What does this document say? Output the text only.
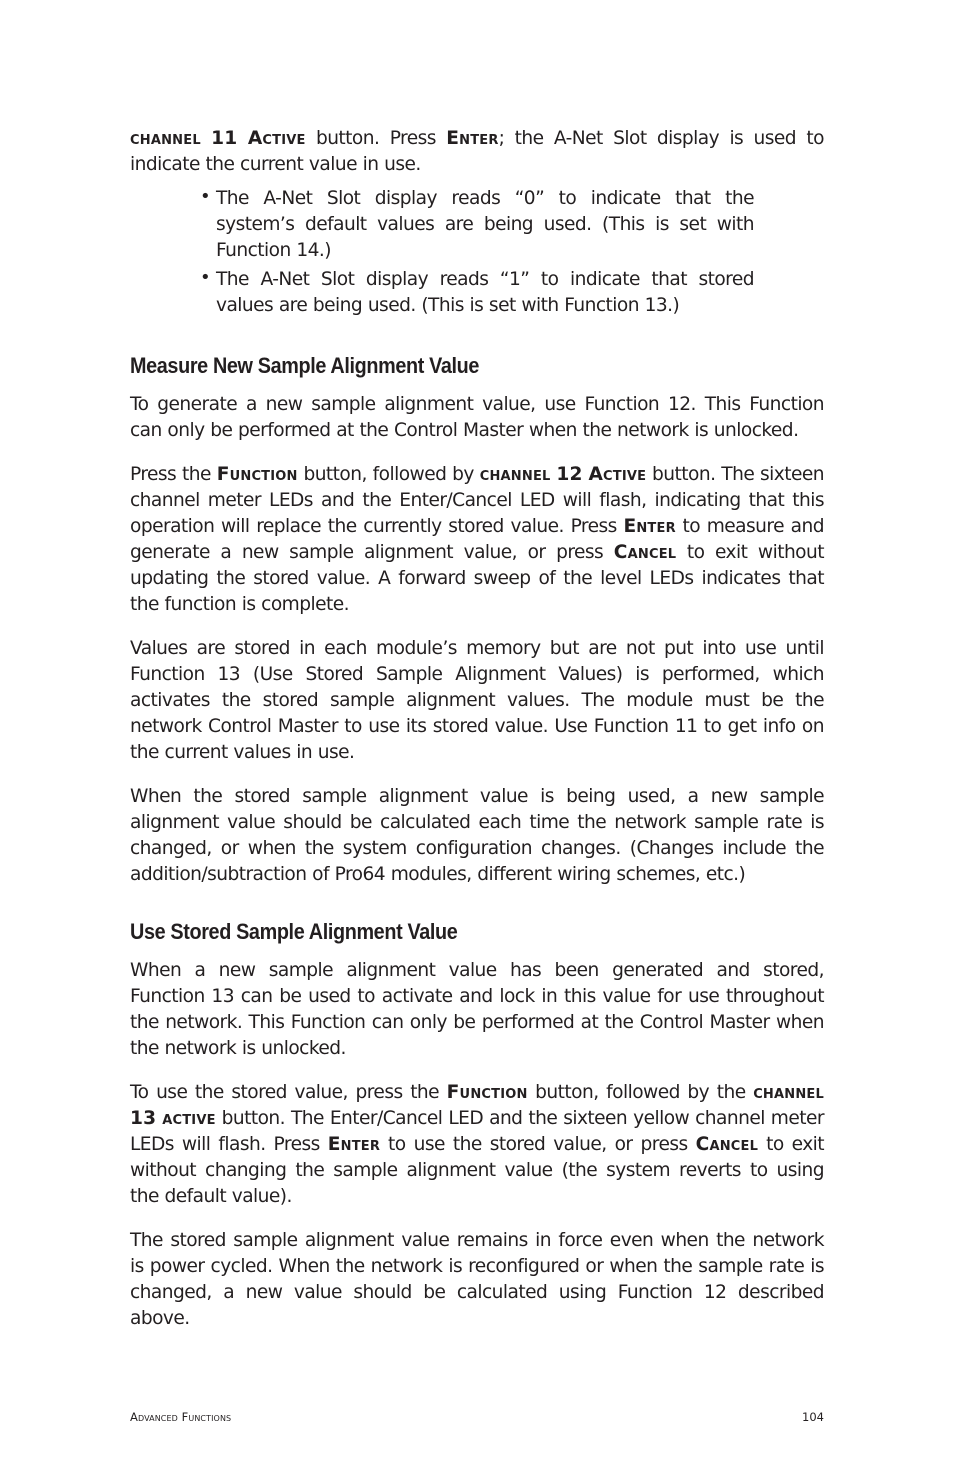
channel 11 Active button. Press Enter; the A-Net Slot display is used to indicate the current value in use.

• The A-Net Slot display reads “0” to indicate that the system’s default values are being used. (This is set with Function 14.)

• The A-Net Slot display reads “1” to indicate that stored values are being used. (This is set with Function 13.)

Measure New Sample Alignment Value

To generate a new sample alignment value, use Function 12. This Function can only be performed at the Control Master when the network is unlocked.

Press the Function button, followed by channel 12 Active button. The sixteen channel meter LEDs and the Enter/Cancel LED will flash, indicating that this operation will replace the currently stored value. Press Enter to measure and generate a new sample alignment value, or press Cancel to exit without updating the stored value. A forward sweep of the level LEDs indicates that the function is complete.

Values are stored in each module’s memory but are not put into use until Function 13 (Use Stored Sample Alignment Values) is performed, which activates the stored sample alignment values. The module must be the network Control Master to use its stored value. Use Function 11 to get info on the current values in use.

When the stored sample alignment value is being used, a new sample alignment value should be calculated each time the network sample rate is changed, or when the system configuration changes. (Changes include the addition/subtraction of Pro64 modules, different wiring schemes, etc.)

Use Stored Sample Alignment Value

When a new sample alignment value has been generated and stored, Function 13 can be used to activate and lock in this value for use throughout the network. This Function can only be performed at the Control Master when the network is unlocked.

To use the stored value, press the Function button, followed by the channel 13 active button. The Enter/Cancel LED and the sixteen yellow channel meter LEDs will flash. Press Enter to use the stored value, or press Cancel to exit without changing the sample alignment value (the system reverts to using the default value).

The stored sample alignment value remains in force even when the network is power cycled. When the network is reconfigured or when the sample rate is changed, a new value should be calculated using Function 12 described above.

Advanced Functions	104
